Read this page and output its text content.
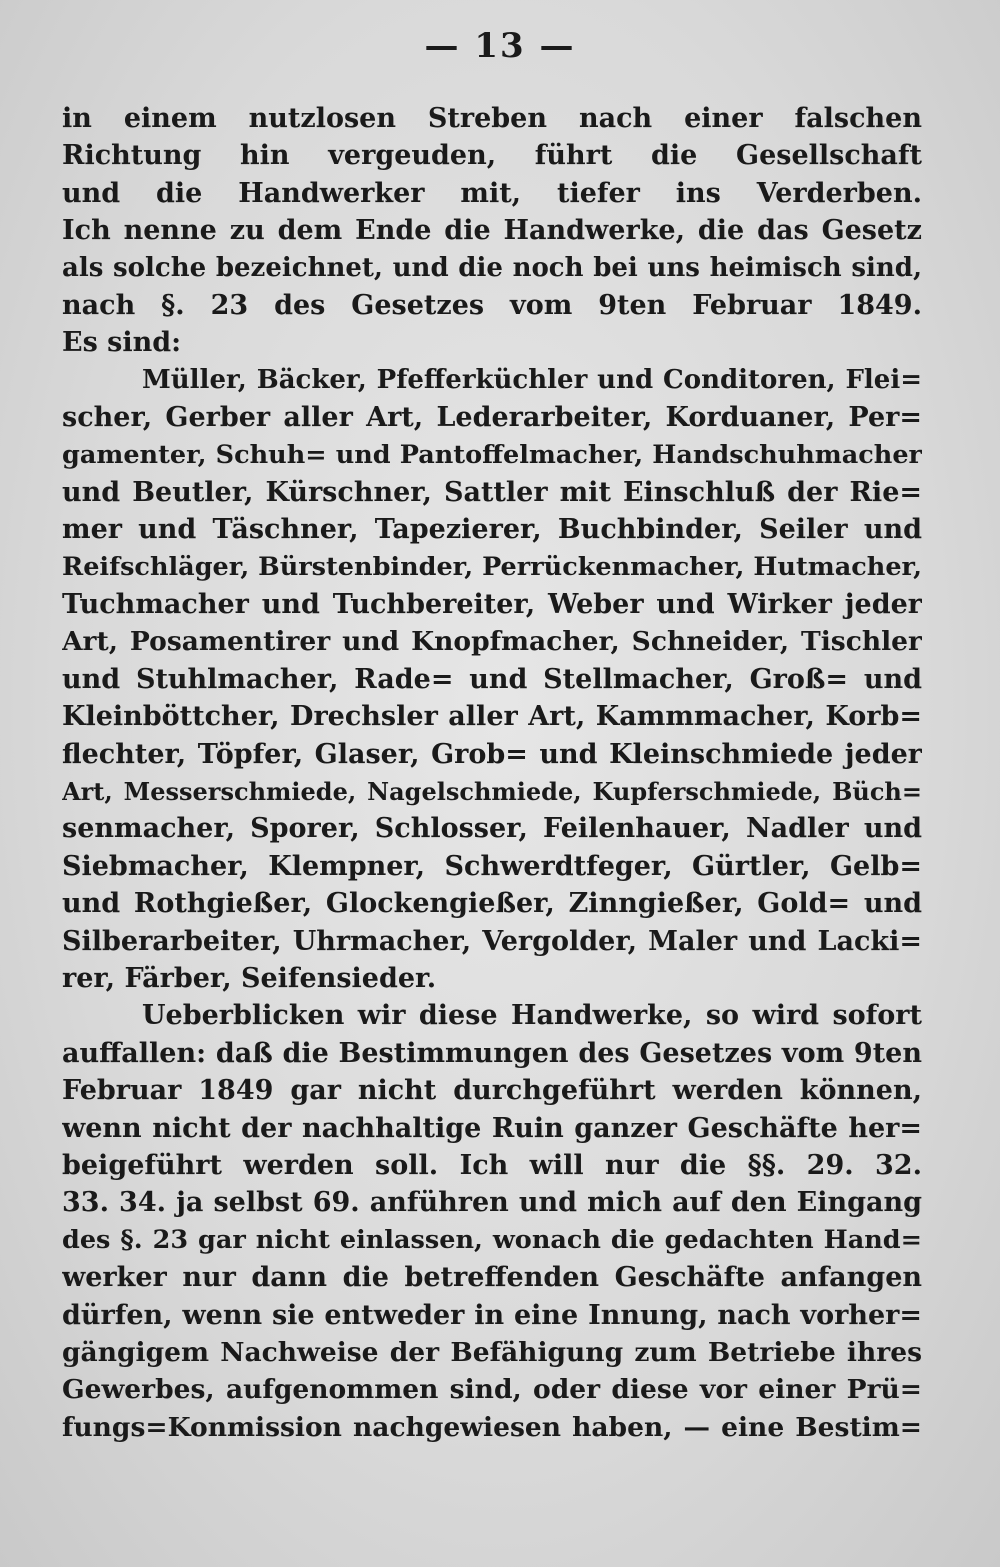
— 13 —
in einem nutzlosen Streben nach einer falschen
Richtung hin vergeuden, führt die Gesellschaft
und die Handwerker mit, tiefer ins Verderben.
Ich nenne zu dem Ende die Handwerke, die das Gesetz
als solche bezeichnet, und die noch bei uns heimisch sind,
nach §. 23 des Gesetzes vom 9ten Februar 1849.
Es sind:
Müller, Bäcker, Pfefferküchler und Conditoren, Flei=
scher, Gerber aller Art, Lederarbeiter, Korduaner, Per=
gamenter, Schuh= und Pantoffelmacher, Handschuhmacher
und Beutler, Kürschner, Sattler mit Einschluß der Rie=
mer und Täschner, Tapezierer, Buchbinder, Seiler und
Reifschläger, Bürstenbinder, Perrückenmacher, Hutmacher,
Tuchmacher und Tuchbereiter, Weber und Wirker jeder
Art, Posamentirer und Knopfmacher, Schneider, Tischler
und Stuhlmacher, Rade= und Stellmacher, Groß= und
Kleinböttcher, Drechsler aller Art, Kammmacher, Korb=
flechter, Töpfer, Glaser, Grob= und Kleinschmiede jeder
Art, Messerschmiede, Nagelschmiede, Kupferschmiede, Büch=
senmacher, Sporer, Schlosser, Feilenhauer, Nadler und
Siebmacher, Klempner, Schwerdtfeger, Gürtler, Gelb=
und Rothgießer, Glockengießer, Zinngießer, Gold= und
Silberarbeiter, Uhrmacher, Vergolder, Maler und Lacki=
rer, Färber, Seifensieder.
Ueberblicken wir diese Handwerke, so wird sofort
auffallen: daß die Bestimmungen des Gesetzes vom 9ten
Februar 1849 gar nicht durchgeführt werden können,
wenn nicht der nachhaltige Ruin ganzer Geschäfte her=
beigeführt werden soll. Ich will nur die §§. 29. 32.
33. 34. ja selbst 69. anführen und mich auf den Eingang
des §. 23 gar nicht einlassen, wonach die gedachten Hand=
werker nur dann die betreffenden Geschäfte anfangen
dürfen, wenn sie entweder in eine Innung, nach vorher=
gängigem Nachweise der Befähigung zum Betriebe ihres
Gewerbes, aufgenommen sind, oder diese vor einer Prü=
fungs=Konmission nachgewiesen haben, — eine Bestim=
